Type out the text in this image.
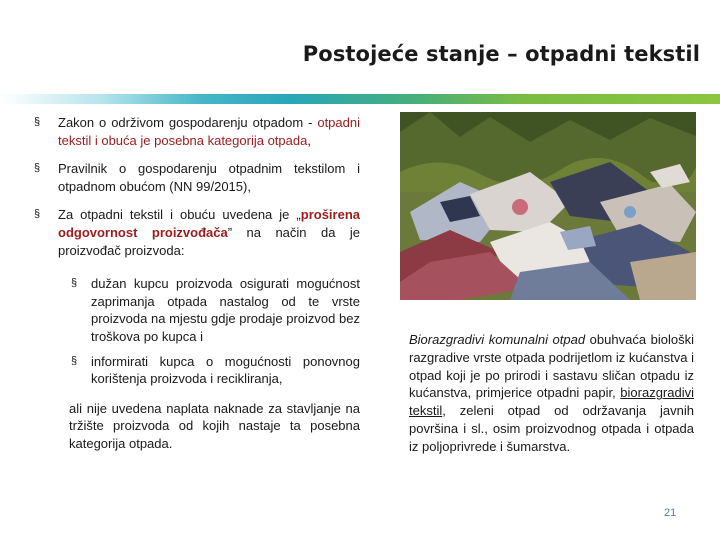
Postojeće stanje – otpadni tekstil
§ Zakon o održivom gospodarenju otpadom - otpadni tekstil i obuća je posebna kategorija otpada,
§ Pravilnik o gospodarenju otpadnim tekstilom i otpadnom obućom (NN 99/2015),
§ Za otpadni tekstil i obuću uvedena je „proširena odgovornost proizvođača” na način da je proizvođač proizvoda:
§ dužan kupcu proizvoda osigurati mogućnost zaprimanja otpada nastalog od te vrste proizvoda na mjestu gdje prodaje proizvod bez troškova po kupca i
§ informirati kupca o mogućnosti ponovnog korištenja proizvoda i recikliranja,
ali nije uvedena naplata naknade za stavljanje na tržište proizvoda od kojih nastaje ta posebna kategorija otpada.
Biorazgradivi komunalni otpad obuhvaća biološki razgradive vrste otpada podrijetlom iz kućanstva i otpad koji je po prirodi i sastavu sličan otpadu iz kućanstva, primjerice otpadni papir, biorazgradivi tekstil, zeleni otpad od održavanja javnih površina i sl., osim proizvodnog otpada i otpada iz poljoprivrede i šumarstva.
21
